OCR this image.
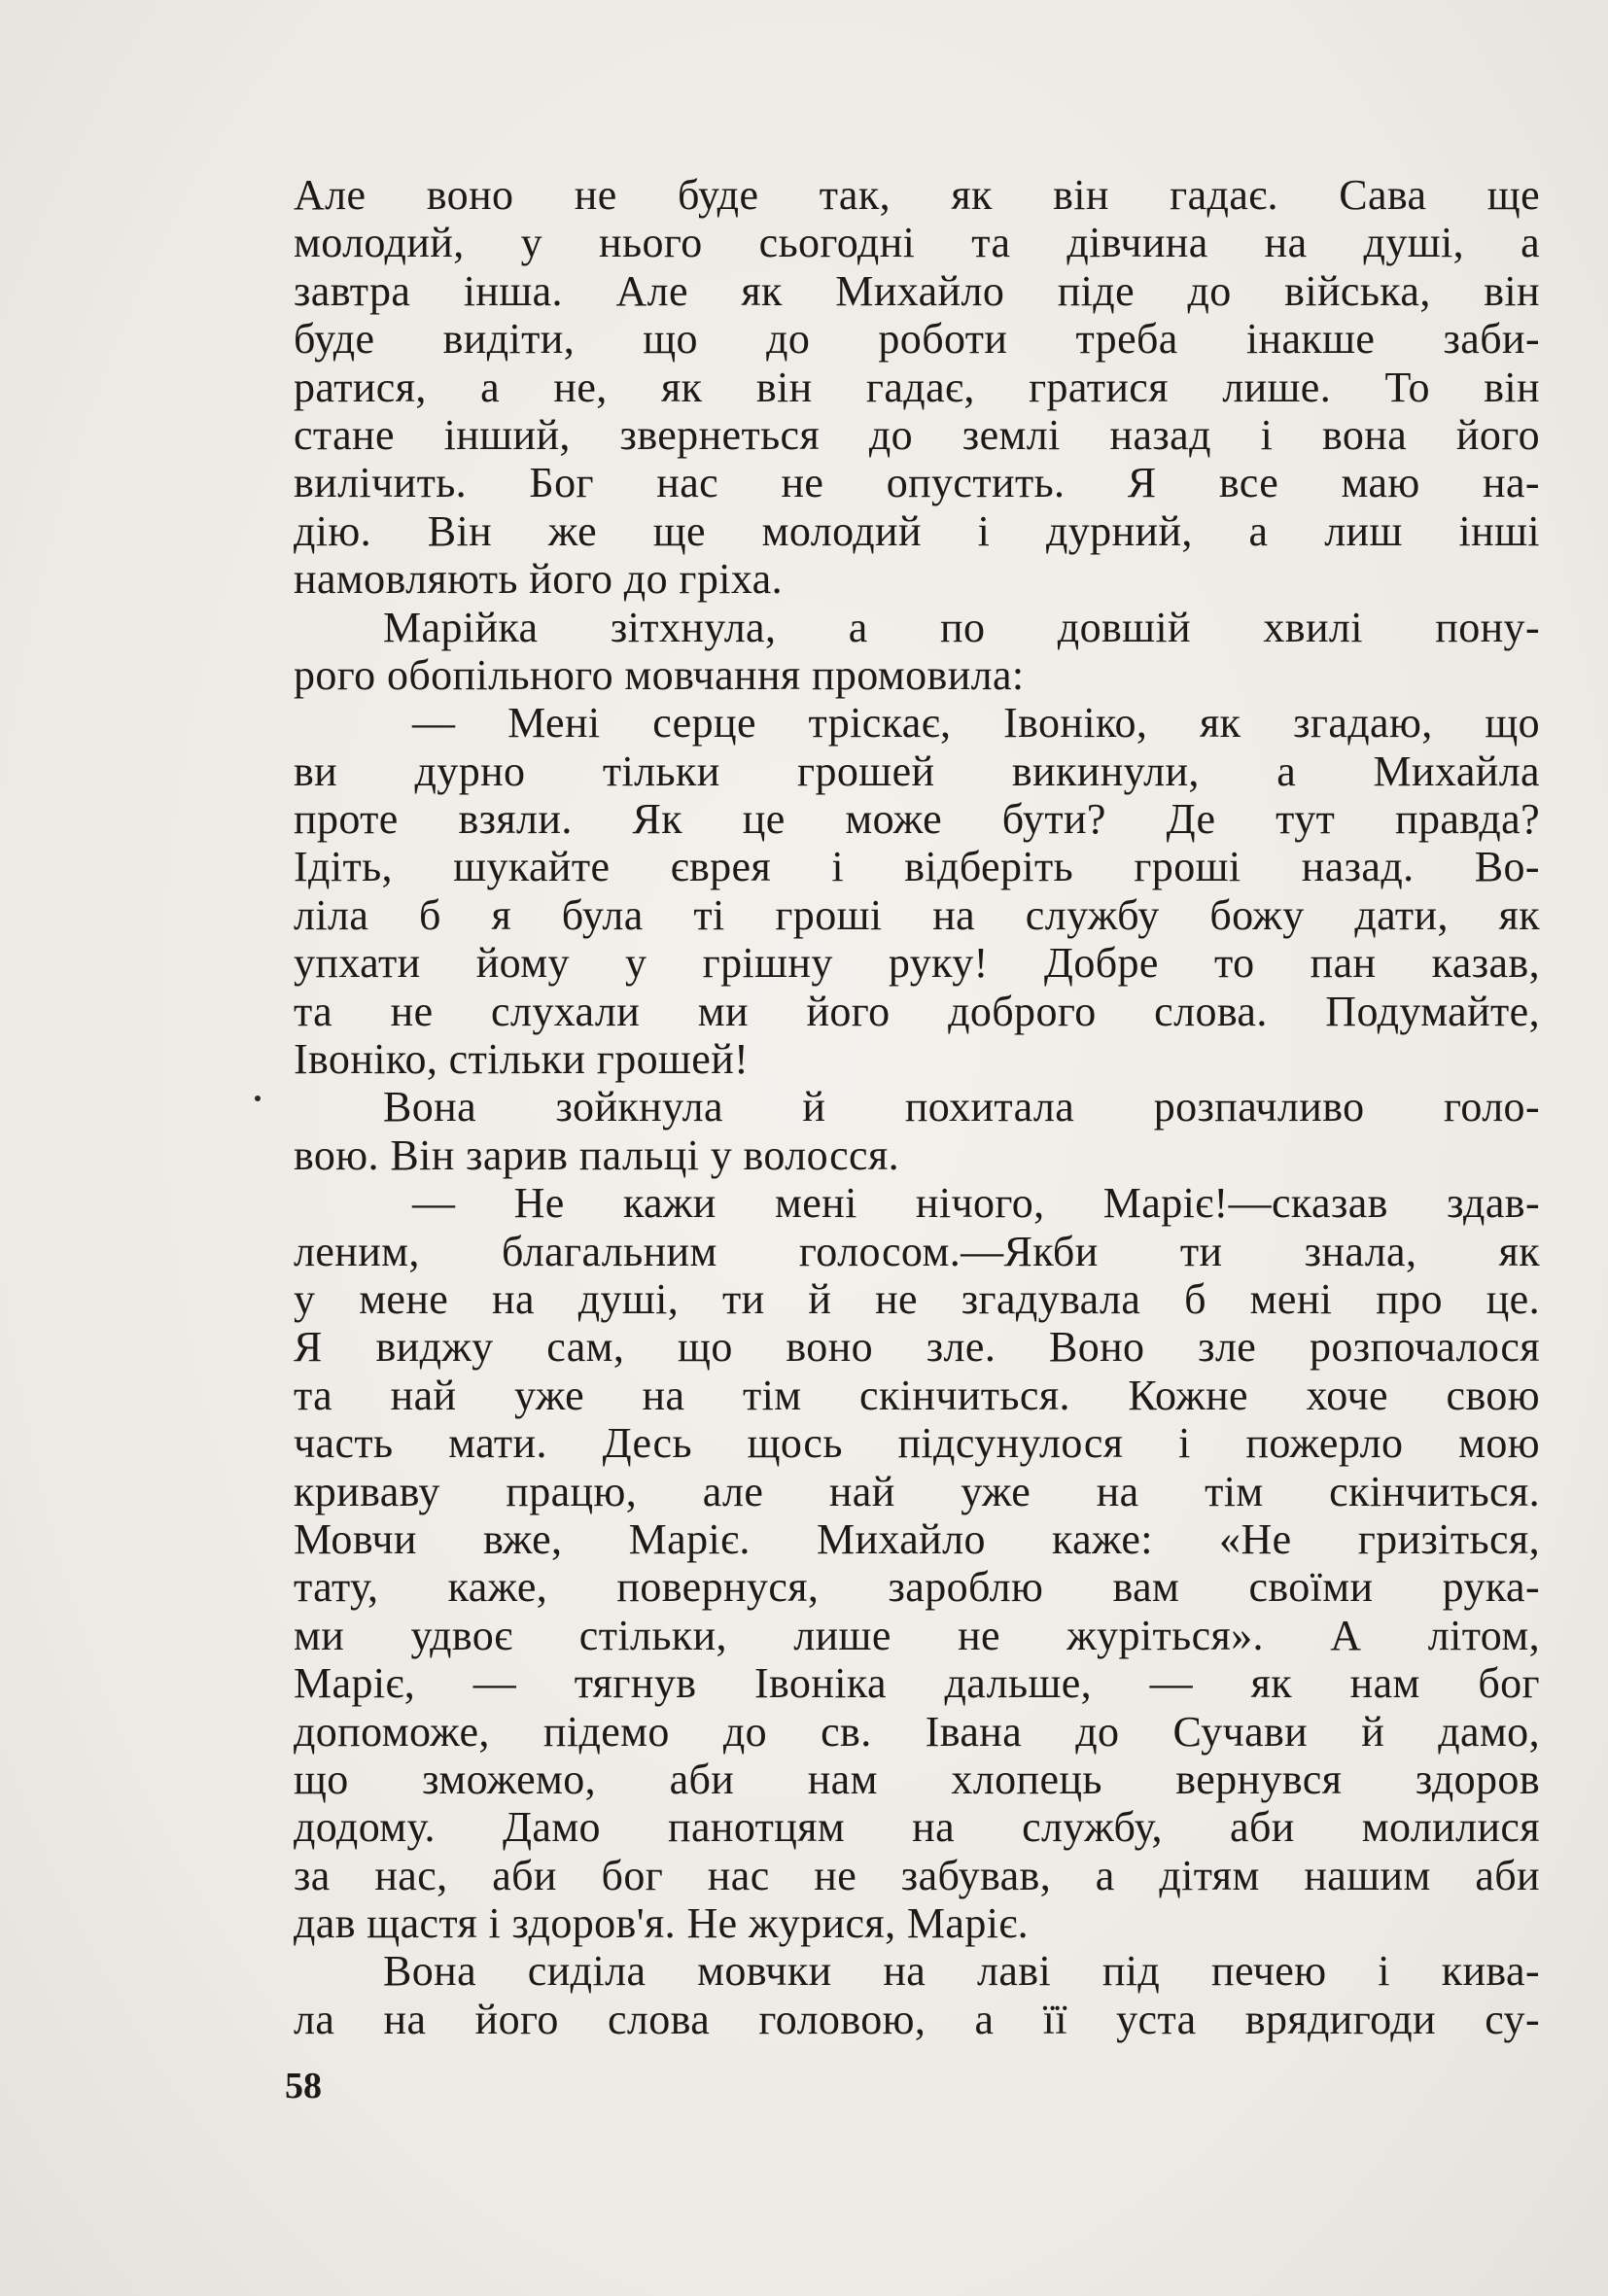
Але воно не буде так, як він гадає. Сава ще
молодий, у нього сьогодні та дівчина на душі, а
завтра інша. Але як Михайло піде до війська, він
буде видіти, що до роботи треба інакше заби-
ратися, а не, як він гадає, гратися лише. То він
стане інший, звернеться до землі назад і вона його
вилічить. Бог нас не опустить. Я все маю на-
дію. Він же ще молодий і дурний, а лиш інші
намовляють його до гріха.
Марійка зітхнула, а по довшій хвилі пону-
рого обопільного мовчання промовила:
— Мені серце тріскає, Івоніко, як згадаю, що
ви дурно тільки грошей викинули, а Михайла
проте взяли. Як це може бути? Де тут правда?
Ідіть, шукайте єврея і відберіть гроші назад. Во-
ліла б я була ті гроші на службу божу дати, як
упхати йому у грішну руку! Добре то пан казав,
та не слухали ми його доброго слова. Подумайте,
Івоніко, стільки грошей!
Вона зойкнула й похитала розпачливо голо-
вою. Він зарив пальці у волосся.
— Не кажи мені нічого, Маріє!—сказав здав-
леним, благальним голосом.—Якби ти знала, як
у мене на душі, ти й не згадувала б мені про це.
Я виджу сам, що воно зле. Воно зле розпочалося
та най уже на тім скінчиться. Кожне хоче свою
часть мати. Десь щось підсунулося і пожерло мою
криваву працю, але най уже на тім скінчиться.
Мовчи вже, Маріє. Михайло каже: «Не гризіться,
тату, каже, повернуся, зароблю вам своїми рука-
ми удвоє стільки, лише не журіться». А літом,
Маріє, — тягнув Івоніка дальше, — як нам бог
допоможе, підемо до св. Івана до Сучави й дамо,
що зможемо, аби нам хлопець вернувся здоров
додому. Дамо панотцям на службу, аби молилися
за нас, аби бог нас не забував, а дітям нашим аби
дав щастя і здоров'я. Не журися, Маріє.
Вона сиділа мовчки на лаві під печею і кива-
ла на його слова головою, а її уста врядигоди су-
58
